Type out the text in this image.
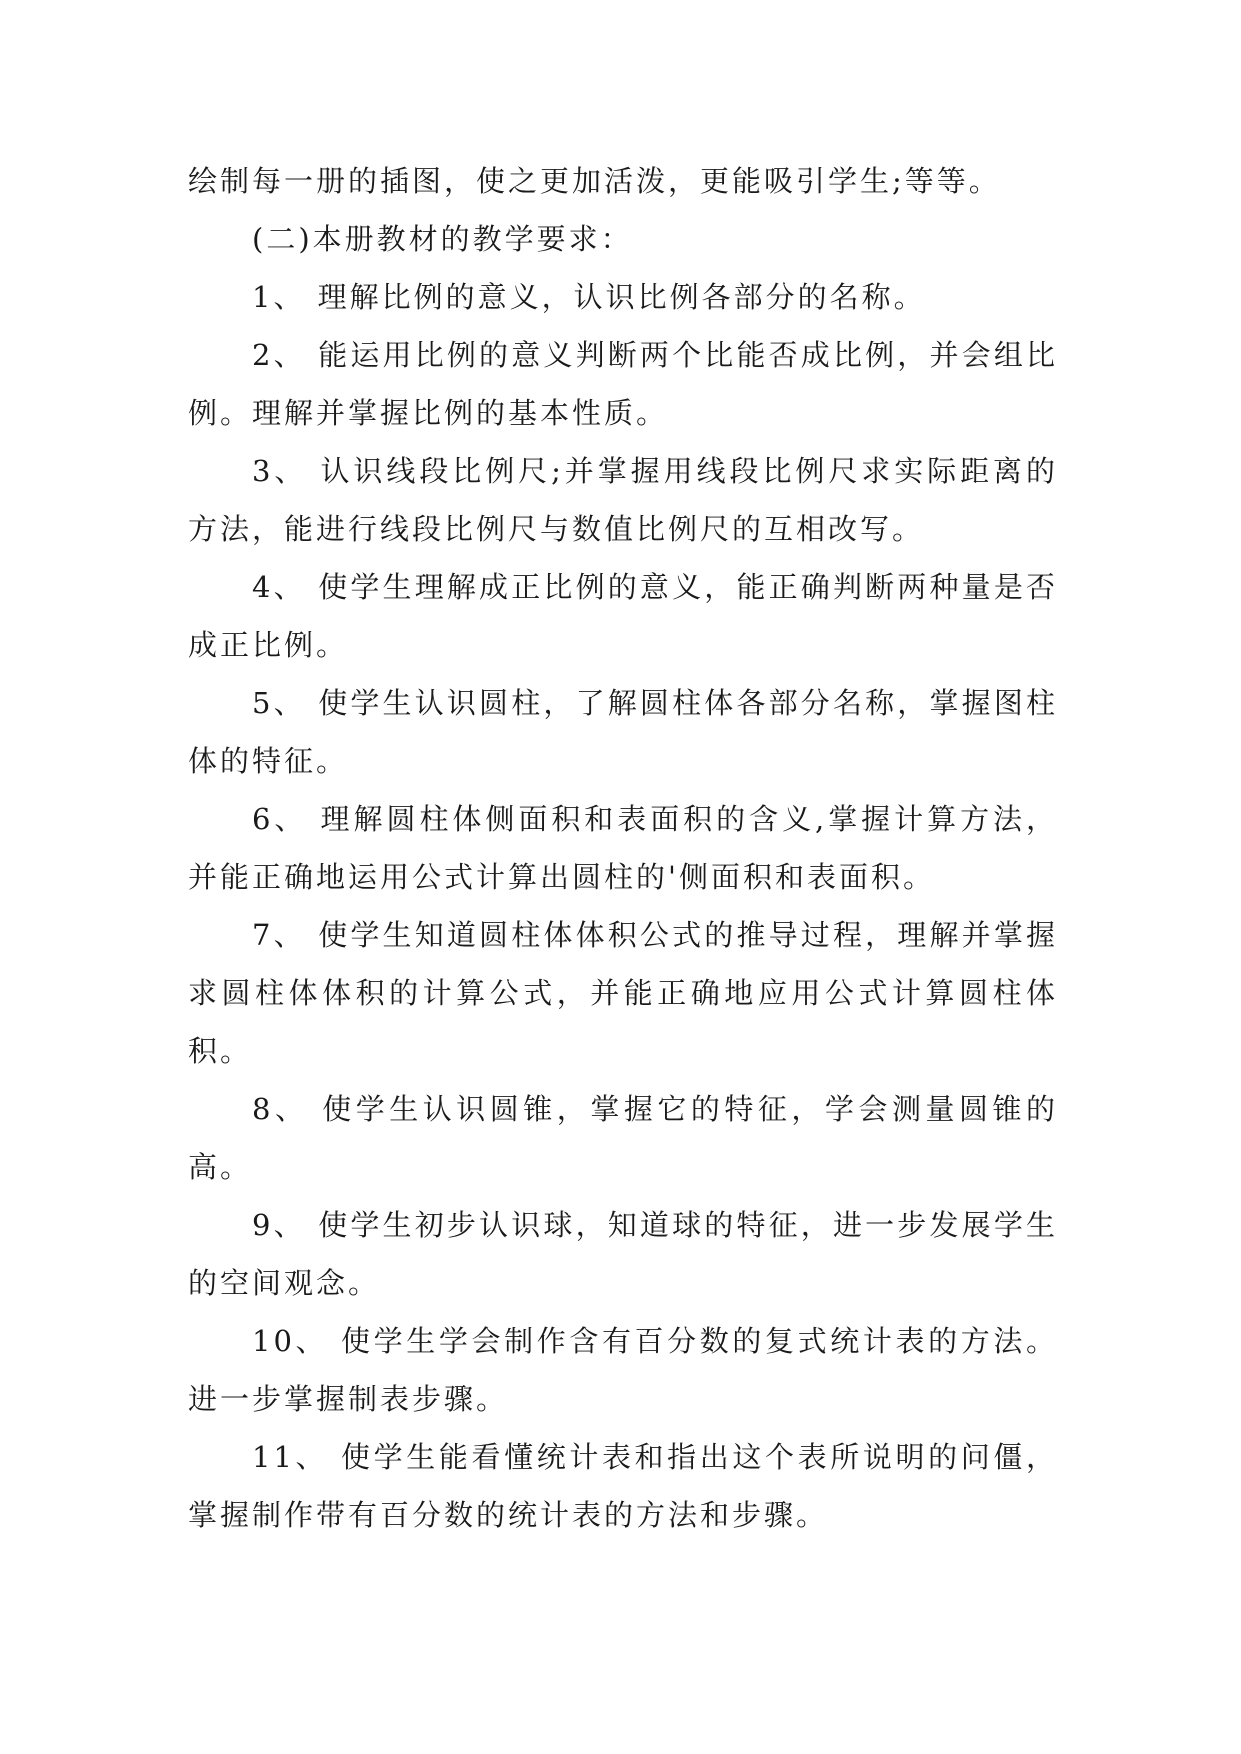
绘制每一册的插图，使之更加活泼，更能吸引学生;等等。

(二)本册教材的教学要求：

1、 理解比例的意义，认识比例各部分的名称。

2、 能运用比例的意义判断两个比能否成比例，并会组比例。理解并掌握比例的基本性质。

3、 认识线段比例尺;并掌握用线段比例尺求实际距离的方法，能进行线段比例尺与数值比例尺的互相改写。

4、 使学生理解成正比例的意义，能正确判断两种量是否成正比例。

5、 使学生认识圆柱，了解圆柱体各部分名称，掌握图柱体的特征。

6、 理解圆柱体侧面积和表面积的含义,掌握计算方法，并能正确地运用公式计算出圆柱的'侧面积和表面积。

7、 使学生知道圆柱体体积公式的推导过程，理解并掌握求圆柱体体积的计算公式，并能正确地应用公式计算圆柱体积。

8、 使学生认识圆锥，掌握它的特征，学会测量圆锥的高。

9、 使学生初步认识球，知道球的特征，进一步发展学生的空间观念。

10、 使学生学会制作含有百分数的复式统计表的方法。进一步掌握制表步骤。

11、 使学生能看懂统计表和指出这个表所说明的问僵，掌握制作带有百分数的统计表的方法和步骤。
